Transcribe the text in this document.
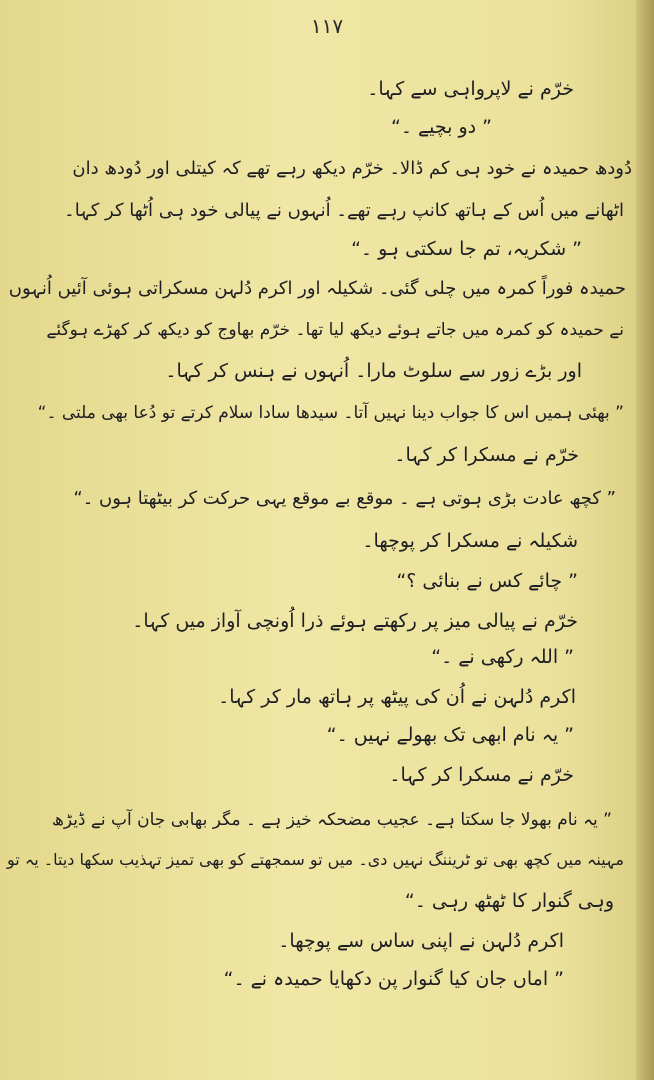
١١٧
خرّم نے لاپرواہی سے کہا۔
” دو بچیے ۔“
دُودھ حمیدہ نے خود ہی کم ڈالا۔ خرّم دیکھ رہے تھے کہ کیتلی اور دُودھ دان
اٹھانے میں اُس کے ہاتھ کانپ رہے تھے۔ اُنہوں نے پیالی خود ہی اُٹھا کر کہا۔
” شکریہ، تم جا سکتی ہو ۔“
حمیدہ فوراً کمرہ میں چلی گئی۔ شکیلہ اور اکرم دُلہن مسکراتی ہوئی آئیں اُنہوں
نے حمیدہ کو کمرہ میں جاتے ہوئے دیکھ لیا تھا۔ خرّم بھاوج کو دیکھ کر کھڑے ہوگئے
اور بڑے زور سے سلوٹ مارا۔ اُنہوں نے ہنس کر کہا۔
” بھئی ہمیں اس کا جواب دینا نہیں آتا۔ سیدھا سادا سلام کرتے تو دُعا بھی ملتی ۔“
خرّم نے مسکرا کر کہا۔
” کچھ عادت بڑی ہوتی ہے ۔ موقع بے موقع یہی حرکت کر بیٹھتا ہوں ۔“
شکیلہ نے مسکرا کر پوچھا۔
” چائے کس نے بنائی ؟“
خرّم نے پیالی میز پر رکھتے ہوئے ذرا اُونچی آواز میں کہا۔
” اللہ رکھی نے ۔“
اکرم دُلہن نے اُن کی پیٹھ پر ہاتھ مار کر کہا۔
” یہ نام ابھی تک بھولے نہیں ۔“
خرّم نے مسکرا کر کہا۔
” یہ نام بھولا جا سکتا ہے۔ عجیب مضحکہ خیز ہے ۔ مگر بھابی جان آپ نے ڈیڑھ
مہینہ میں کچھ بھی تو ٹریننگ نہیں دی۔ میں تو سمجھتے کو بھی تمیز تہذیب سکھا دیتا۔ یہ تو
وہی گنوار کا ٹھٹھ رہی ۔“
اکرم دُلہن نے اپنی ساس سے پوچھا۔
” اماں جان کیا گنوار پن دکھایا حمیدہ نے ۔“
